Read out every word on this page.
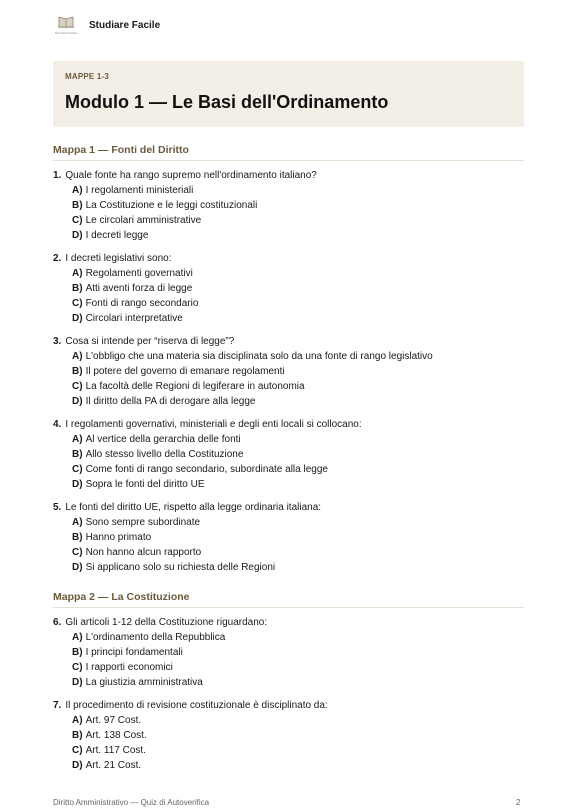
Studiare Facile
Studiare Facile
MAPPE 1-3
Modulo 1 — Le Basi dell'Ordinamento
Mappa 1 — Fonti del Diritto
1. Quale fonte ha rango supremo nell'ordinamento italiano?
A) I regolamenti ministeriali
B) La Costituzione e le leggi costituzionali
C) Le circolari amministrative
D) I decreti legge
2. I decreti legislativi sono:
A) Regolamenti governativi
B) Atti aventi forza di legge
C) Fonti di rango secondario
D) Circolari interpretative
3. Cosa si intende per “riserva di legge”?
A) L'obbligo che una materia sia disciplinata solo da una fonte di rango legislativo
B) Il potere del governo di emanare regolamenti
C) La facoltà delle Regioni di legiferare in autonomia
D) Il diritto della PA di derogare alla legge
4. I regolamenti governativi, ministeriali e degli enti locali si collocano:
A) Al vertice della gerarchia delle fonti
B) Allo stesso livello della Costituzione
C) Come fonti di rango secondario, subordinate alla legge
D) Sopra le fonti del diritto UE
5. Le fonti del diritto UE, rispetto alla legge ordinaria italiana:
A) Sono sempre subordinate
B) Hanno primato
C) Non hanno alcun rapporto
D) Si applicano solo su richiesta delle Regioni
Mappa 2 — La Costituzione
6. Gli articoli 1-12 della Costituzione riguardano:
A) L'ordinamento della Repubblica
B) I principi fondamentali
C) I rapporti economici
D) La giustizia amministrativa
7. Il procedimento di revisione costituzionale è disciplinato da:
A) Art. 97 Cost.
B) Art. 138 Cost.
C) Art. 117 Cost.
D) Art. 21 Cost.
Diritto Amministrativo — Quiz di Autoverifica	2
